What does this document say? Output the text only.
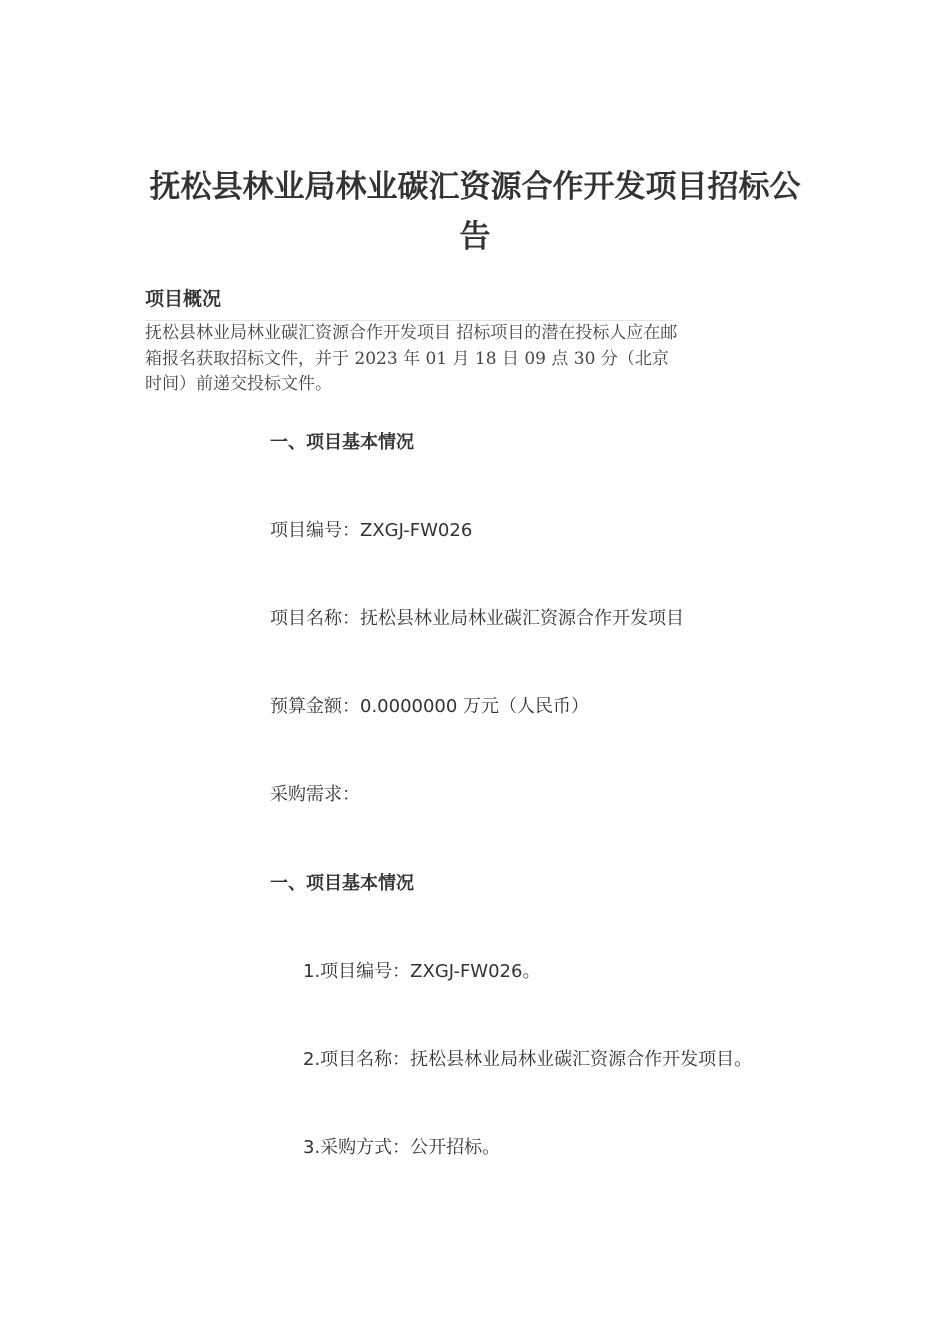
抚松县林业局林业碳汇资源合作开发项目招标公告
项目概况
抚松县林业局林业碳汇资源合作开发项目 招标项目的潜在投标人应在邮箱报名获取招标文件，并于 2023 年 01 月 18 日 09 点 30 分（北京时间）前递交投标文件。
一、项目基本情况
项目编号：ZXGJ-FW026
项目名称：抚松县林业局林业碳汇资源合作开发项目
预算金额：0.0000000 万元（人民币）
采购需求：
一、项目基本情况
1.项目编号：ZXGJ-FW026。
2.项目名称：抚松县林业局林业碳汇资源合作开发项目。
3.采购方式：公开招标。
